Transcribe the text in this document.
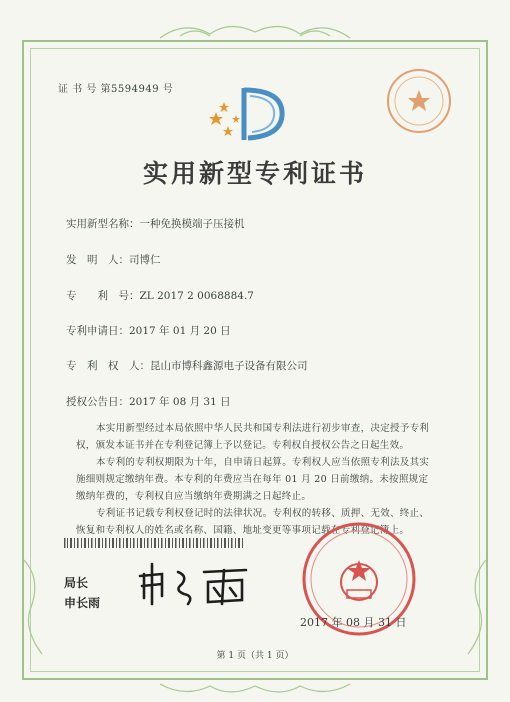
证 书 号 第5594949 号
实用新型专利证书
实用新型名称：一种免换模端子压接机
发　明　人：司博仁
专　　利　号：ZL 2017 2 0068884.7
专利申请日：2017 年 01 月 20 日
专　利　权　人：昆山市博科鑫源电子设备有限公司
授权公告日：2017 年 08 月 31 日

本实用新型经过本局依照中华人民共和国专利法进行初步审查，决定授予专利权，颁发本证书并在专利登记簿上予以登记。专利权自授权公告之日起生效。

本专利的专利权期限为十年，自申请日起算。专利权人应当依照专利法及其实施细则规定缴纳年费。本专利的年费应当在每年 01 月 20 日前缴纳。未按照规定缴纳年费的，专利权自应当缴纳年费期满之日起终止。

专利证书记载专利权登记时的法律状况。专利权的转移、质押、无效、终止、恢复和专利权人的姓名或名称、国籍、地址变更等事项记载在专利登记簿上。

局长
申长雨
2017 年 08 月 31 日
第 1 页（共 1 页）
